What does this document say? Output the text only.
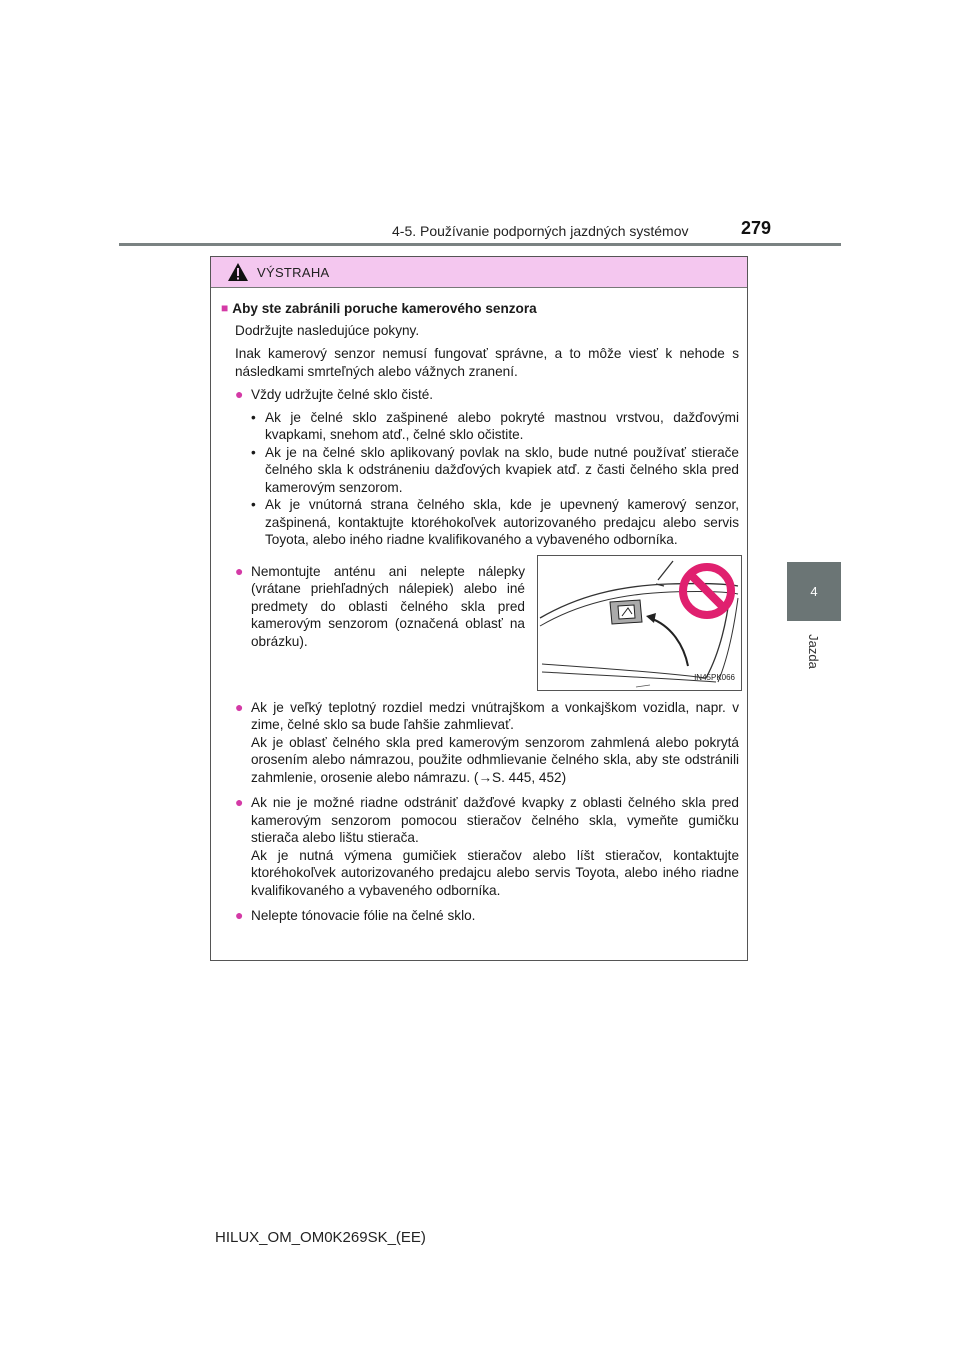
4-5. Používanie podporných jazdných systémov	279
4
Jazda
VÝSTRAHA
■ Aby ste zabránili poruche kamerového senzora
Dodržujte nasledujúce pokyny.
Inak kamerový senzor nemusí fungovať správne, a to môže viesť k nehode s následkami smrteľných alebo vážnych zranení.
● Vždy udržujte čelné sklo čisté.
• Ak je čelné sklo zašpinené alebo pokryté mastnou vrstvou, dažďovými kvapkami, snehom atď., čelné sklo očistite.
• Ak je na čelné sklo aplikovaný povlak na sklo, bude nutné používať stierače čelného skla k odstráneniu dažďových kvapiek atď. z časti čelného skla pred kamerovým senzorom.
• Ak je vnútorná strana čelného skla, kde je upevnený kamerový senzor, zašpinená, kontaktujte ktoréhokoľvek autorizovaného predajcu alebo servis Toyota, alebo iného riadne kvalifikovaného a vybaveného odborníka.
● Nemontujte anténu ani nelepte nálepky (vrátane priehľadných nálepiek) alebo iné predmety do oblasti čelného skla pred kamerovým senzorom (označená oblasť na obrázku).
IN45PK066
● Ak je veľký teplotný rozdiel medzi vnútrajškom a vonkajškom vozidla, napr. v zime, čelné sklo sa bude ľahšie zahmlievať.
Ak je oblasť čelného skla pred kamerovým senzorom zahmlená alebo pokrytá orosením alebo námrazou, použite odhmlievanie čelného skla, aby ste odstránili zahmlenie, orosenie alebo námrazu. (→S. 445, 452)
● Ak nie je možné riadne odstrániť dažďové kvapky z oblasti čelného skla pred kamerovým senzorom pomocou stieračov čelného skla, vymeňte gumičku stierača alebo lištu stierača.
Ak je nutná výmena gumičiek stieračov alebo líšt stieračov, kontaktujte ktoréhokoľvek autorizovaného predajcu alebo servis Toyota, alebo iného riadne kvalifikovaného a vybaveného odborníka.
● Nelepte tónovacie fólie na čelné sklo.
HILUX_OM_OM0K269SK_(EE)
